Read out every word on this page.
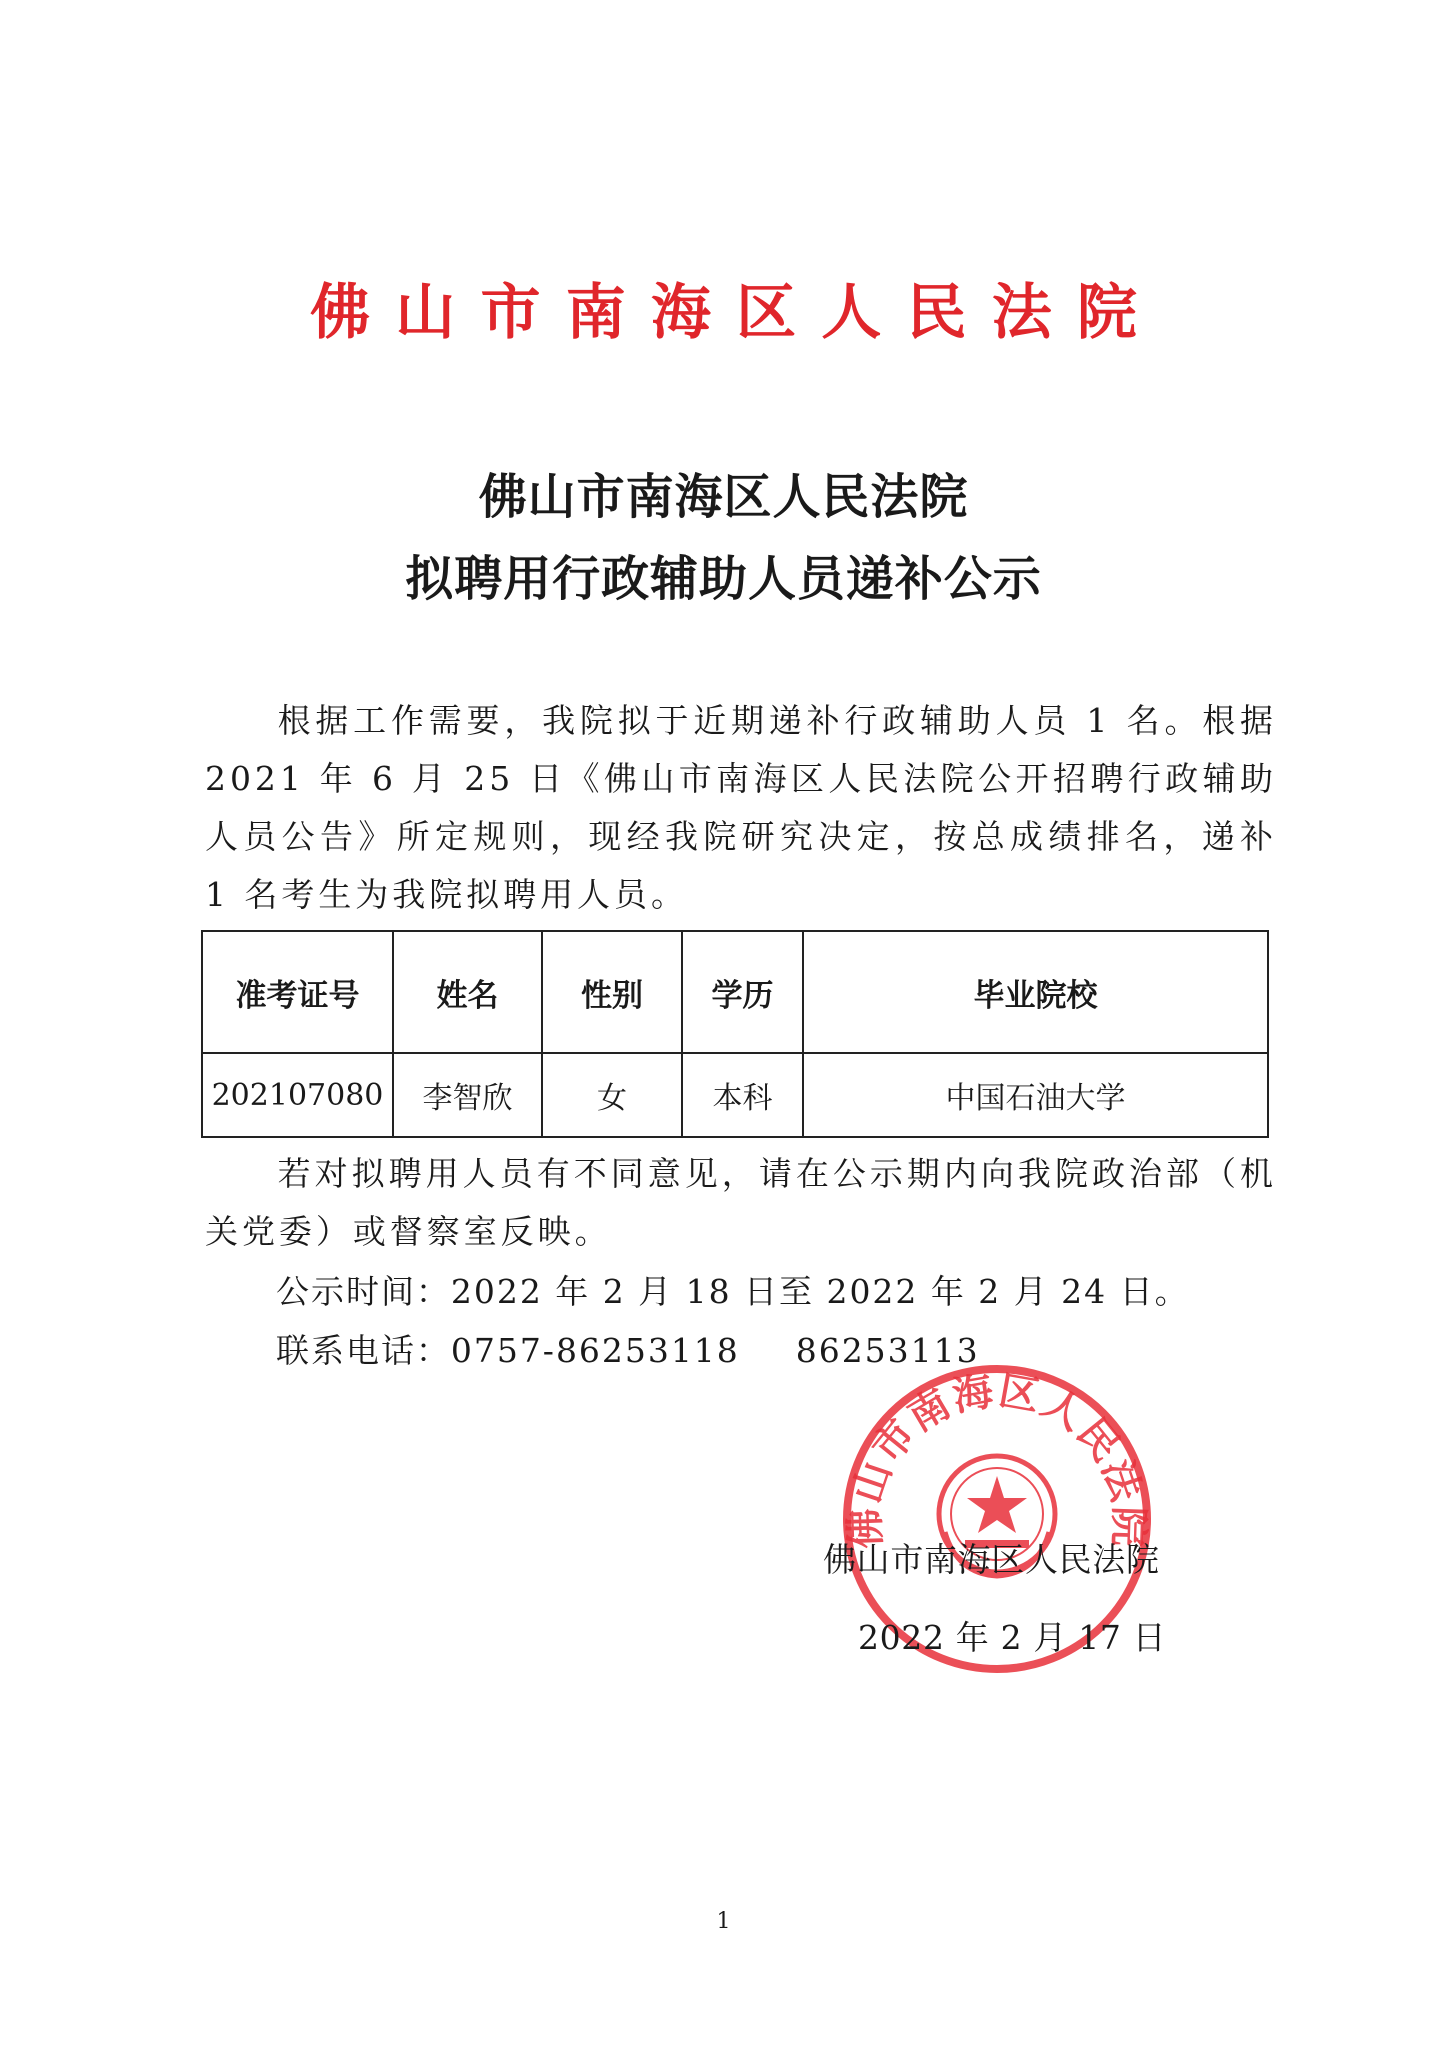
佛山市南海区人民法院
佛山市南海区人民法院
拟聘用行政辅助人员递补公示
根据工作需要，我院拟于近期递补行政辅助人员 1 名。根据 2021 年 6 月 25 日《佛山市南海区人民法院公开招聘行政辅助人员公告》所定规则，现经我院研究决定，按总成绩排名，递补 1 名考生为我院拟聘用人员。
准考证号	姓名	性别	学历	毕业院校
202107080	李智欣	女	本科	中国石油大学
若对拟聘用人员有不同意见，请在公示期内向我院政治部（机关党委）或督察室反映。
公示时间：2022 年 2 月 18 日至 2022 年 2 月 24 日。
联系电话：0757-86253118 86253113
佛山市南海区人民法院
佛山市南海区人民法院
2022 年 2 月 17 日
1
